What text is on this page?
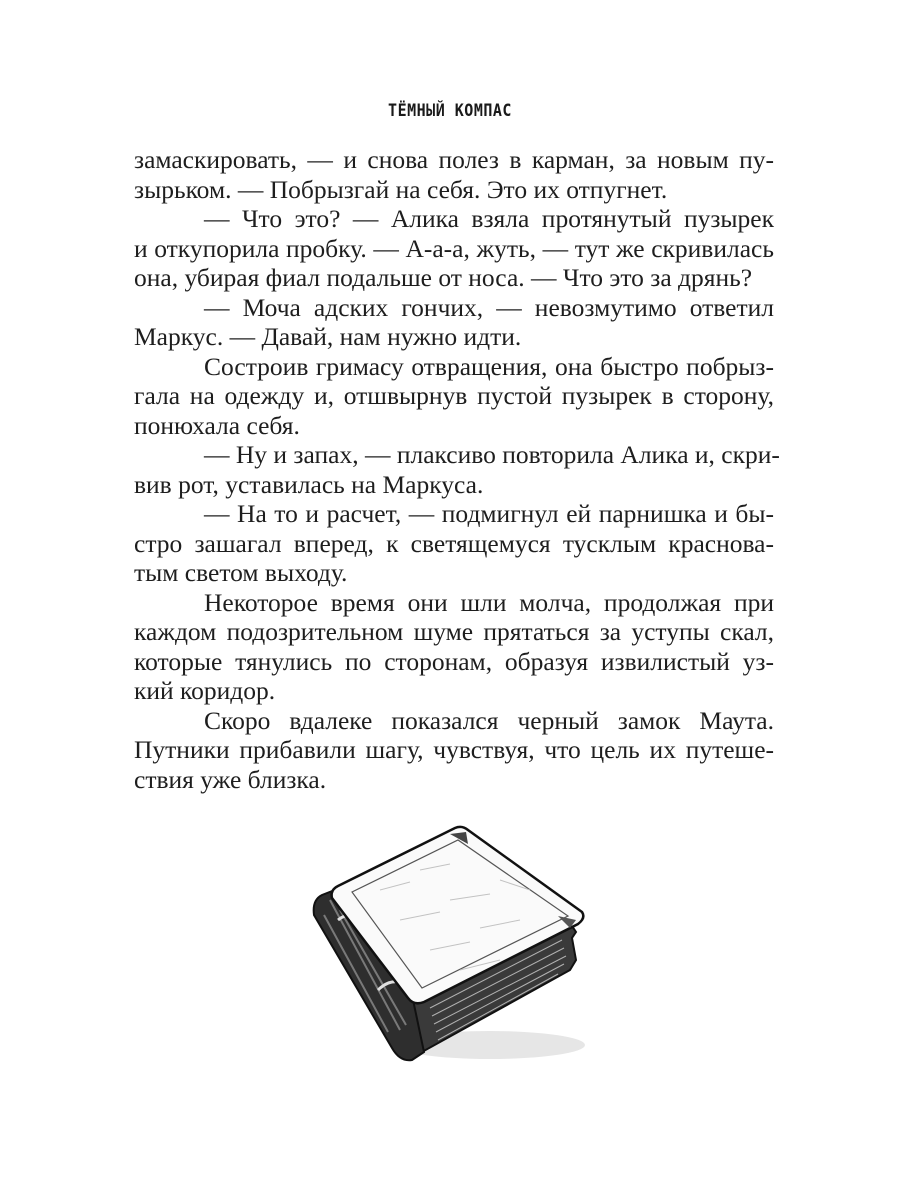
ТЁМНЫЙ КОМПАС
замаскировать, — и снова полез в карман, за новым пу-
зырьком. — Побрызгай на себя. Это их отпугнет.
— Что это? — Алика взяла протянутый пузырек
и откупорила пробку. — А-а-а, жуть, — тут же скривилась
она, убирая фиал подальше от носа. — Что это за дрянь?
— Моча адских гончих, — невозмутимо ответил
Маркус. — Давай, нам нужно идти.
Состроив гримасу отвращения, она быстро побрыз-
гала на одежду и, отшвырнув пустой пузырек в сторону,
понюхала себя.
— Ну и запах, — плаксиво повторила Алика и, скри-
вив рот, уставилась на Маркуса.
— На то и расчет, — подмигнул ей парнишка и бы-
стро зашагал вперед, к светящемуся тусклым краснова-
тым светом выходу.
Некоторое время они шли молча, продолжая при
каждом подозрительном шуме прятаться за уступы скал,
которые тянулись по сторонам, образуя извилистый уз-
кий коридор.
Скоро вдалеке показался черный замок Маута.
Путники прибавили шагу, чувствуя, что цель их путеше-
ствия уже близка.
